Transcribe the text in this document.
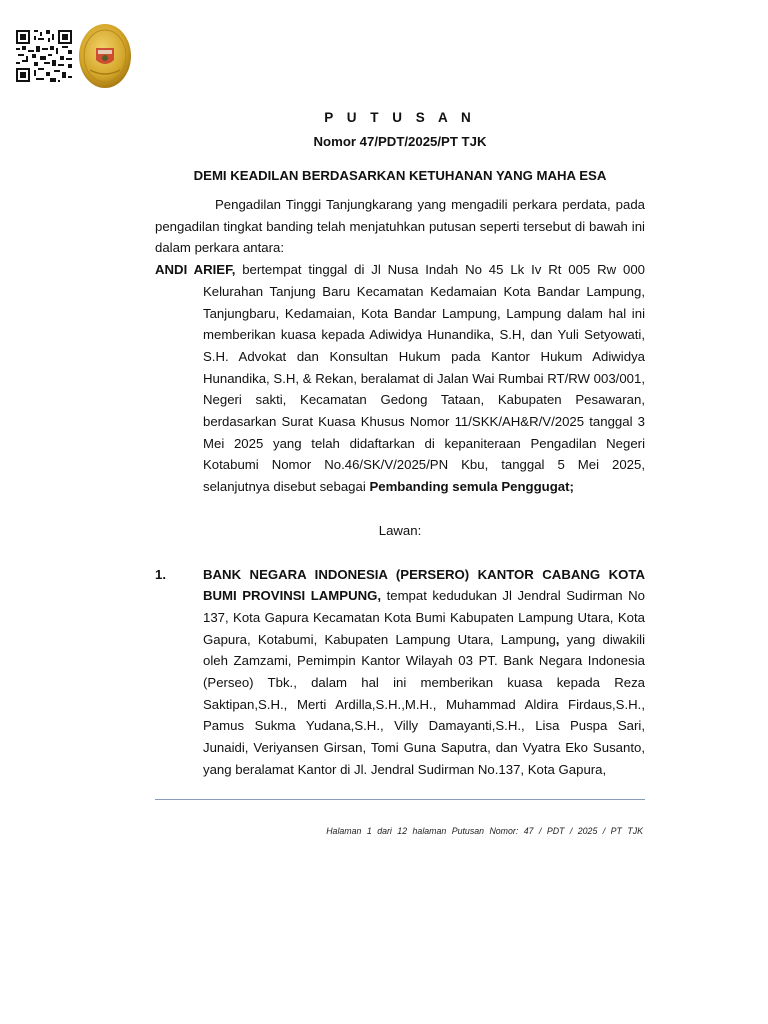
P U T U S A N

Nomor 47/PDT/2025/PT TJK

DEMI KEADILAN BERDASARKAN KETUHANAN YANG MAHA ESA

Pengadilan Tinggi Tanjungkarang yang mengadili perkara perdata, pada pengadilan tingkat banding telah menjatuhkan putusan seperti tersebut di bawah ini dalam perkara antara:

ANDI ARIEF, bertempat tinggal di Jl Nusa Indah No 45 Lk Iv Rt 005 Rw 000 Kelurahan Tanjung Baru Kecamatan Kedamaian Kota Bandar Lampung, Tanjungbaru, Kedamaian, Kota Bandar Lampung, Lampung dalam hal ini memberikan kuasa kepada Adiwidya Hunandika, S.H, dan Yuli Setyowati, S.H. Advokat dan Konsultan Hukum pada Kantor Hukum Adiwidya Hunandika, S.H, & Rekan, beralamat di Jalan Wai Rumbai RT/RW 003/001, Negeri sakti, Kecamatan Gedong Tataan, Kabupaten Pesawaran, berdasarkan Surat Kuasa Khusus Nomor 11/SKK/AH&R/V/2025 tanggal 3 Mei 2025 yang telah didaftarkan di kepaniteraan Pengadilan Negeri Kotabumi Nomor No.46/SK/V/2025/PN Kbu, tanggal 5 Mei 2025, selanjutnya disebut sebagai Pembanding semula Penggugat;

Lawan:

1.	BANK NEGARA INDONESIA (PERSERO) KANTOR CABANG KOTA BUMI PROVINSI LAMPUNG, tempat kedudukan Jl Jendral Sudirman No 137, Kota Gapura Kecamatan Kota Bumi Kabupaten Lampung Utara, Kota Gapura, Kotabumi, Kabupaten Lampung Utara, Lampung, yang diwakili oleh Zamzami, Pemimpin Kantor Wilayah 03 PT. Bank Negara Indonesia (Perseo) Tbk., dalam hal ini memberikan kuasa kepada Reza Saktipan,S.H., Merti Ardilla,S.H.,M.H., Muhammad Aldira Firdaus,S.H., Pamus Sukma Yudana,S.H., Villy Damayanti,S.H., Lisa Puspa Sari, Junaidi, Veriyansen Girsan, Tomi Guna Saputra, dan Vyatra Eko Susanto, yang beralamat Kantor di Jl. Jendral Sudirman No.137, Kota Gapura,
Halaman 1 dari 12 halaman Putusan Nomor: 47 / PDT / 2025 / PT TJK
